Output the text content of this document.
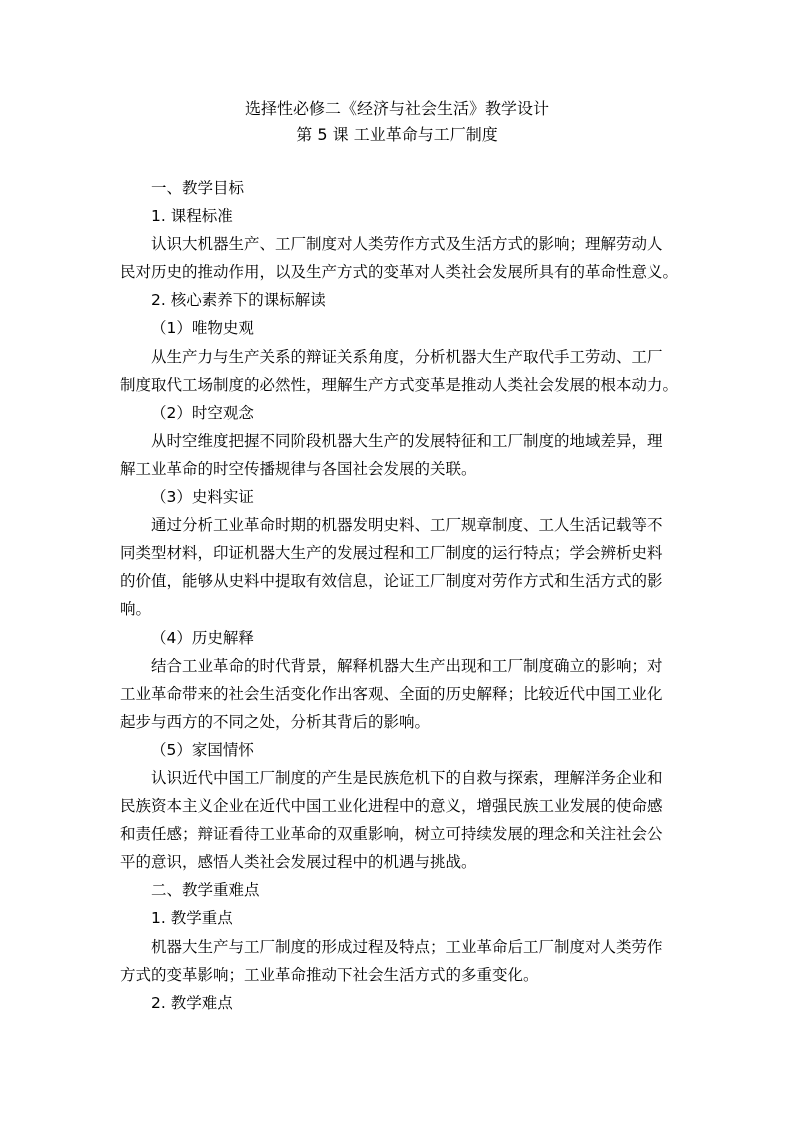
选择性必修二《经济与社会生活》教学设计
第 5 课 工业革命与工厂制度
一、教学目标
1. 课程标准
认识大机器生产、工厂制度对人类劳作方式及生活方式的影响；理解劳动人
民对历史的推动作用，以及生产方式的变革对人类社会发展所具有的革命性意义。
2. 核心素养下的课标解读
（1）唯物史观
从生产力与生产关系的辩证关系角度，分析机器大生产取代手工劳动、工厂
制度取代工场制度的必然性，理解生产方式变革是推动人类社会发展的根本动力。
（2）时空观念
从时空维度把握不同阶段机器大生产的发展特征和工厂制度的地域差异，理
解工业革命的时空传播规律与各国社会发展的关联。
（3）史料实证
通过分析工业革命时期的机器发明史料、工厂规章制度、工人生活记载等不
同类型材料，印证机器大生产的发展过程和工厂制度的运行特点；学会辨析史料
的价值，能够从史料中提取有效信息，论证工厂制度对劳作方式和生活方式的影
响。
（4）历史解释
结合工业革命的时代背景，解释机器大生产出现和工厂制度确立的影响；对
工业革命带来的社会生活变化作出客观、全面的历史解释；比较近代中国工业化
起步与西方的不同之处，分析其背后的影响。
（5）家国情怀
认识近代中国工厂制度的产生是民族危机下的自救与探索，理解洋务企业和
民族资本主义企业在近代中国工业化进程中的意义，增强民族工业发展的使命感
和责任感；辩证看待工业革命的双重影响，树立可持续发展的理念和关注社会公
平的意识，感悟人类社会发展过程中的机遇与挑战。
二、教学重难点
1. 教学重点
机器大生产与工厂制度的形成过程及特点；工业革命后工厂制度对人类劳作
方式的变革影响；工业革命推动下社会生活方式的多重变化。
2. 教学难点
